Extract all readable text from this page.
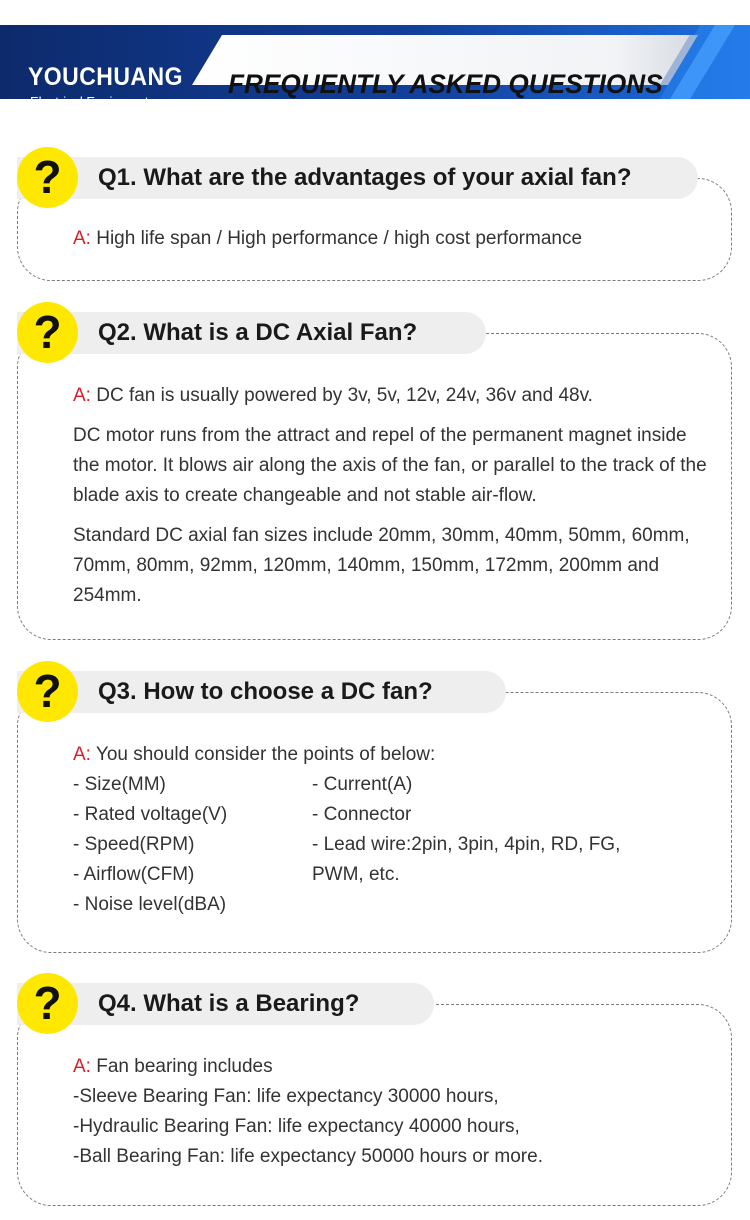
YOUCHUANG
Electrical Equipment
FREQUENTLY ASKED QUESTIONS
Q1. What are the advantages of your axial fan?
?
A: High life span / High performance / high cost performance
Q2. What is a DC Axial Fan?
?

A: DC fan is usually powered by 3v, 5v, 12v, 24v, 36v and 48v.

DC motor runs from the attract and repel of the permanent magnet inside the motor. It blows air along the axis of the fan, or parallel to the track of the blade axis to create changeable and not stable air-flow.

Standard DC axial fan sizes include 20mm, 30mm, 40mm, 50mm, 60mm, 70mm, 80mm, 92mm, 120mm, 140mm, 150mm, 172mm, 200mm and 254mm.

Q3. How to choose a DC fan?
?
A: You should consider the points of below:
- Size(MM)
- Rated voltage(V)
- Speed(RPM)
- Airflow(CFM)
- Noise level(dBA)
- Current(A)
- Connector
- Lead wire:2pin, 3pin, 4pin, RD, FG, PWM, etc.
Q4. What is a Bearing?
?
A: Fan bearing includes
-Sleeve Bearing Fan: life expectancy 30000 hours,
-Hydraulic Bearing Fan: life expectancy 40000 hours,
-Ball Bearing Fan: life expectancy 50000 hours or more.
